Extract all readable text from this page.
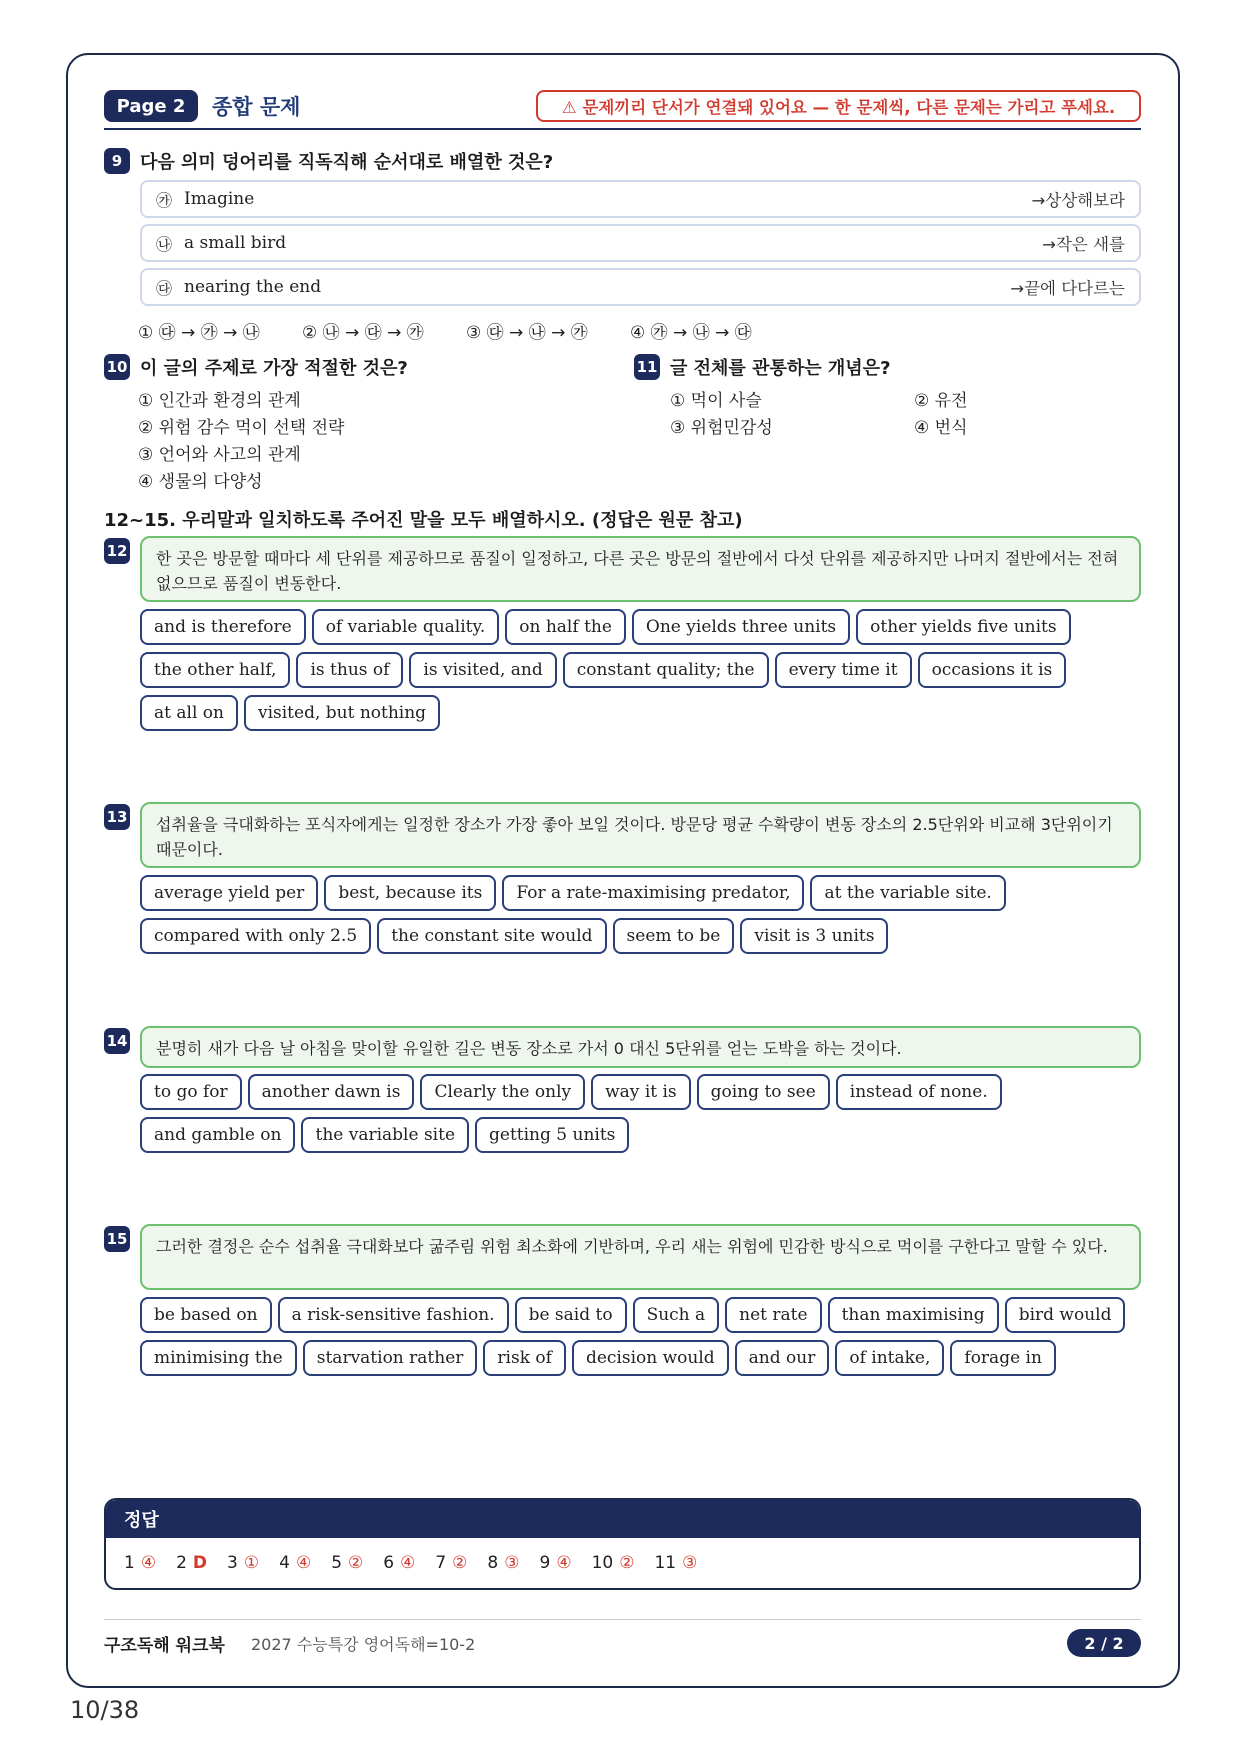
Page 2	종합 문제	⚠ 문제끼리 단서가 연결돼 있어요 — 한 문제씩, 다른 문제는 가리고 푸세요.
9 다음 의미 덩어리를 직독직해 순서대로 배열한 것은?
㉮ Imagine	→상상해보라
㉯ a small bird	→작은 새를
㉰ nearing the end	→끝에 다다르는
① ㉰ → ㉮ → ㉯ ② ㉯ → ㉰ → ㉮ ③ ㉰ → ㉯ → ㉮ ④ ㉮ → ㉯ → ㉰
10 이 글의 주제로 가장 적절한 것은?
① 인간과 환경의 관계
② 위험 감수 먹이 선택 전략
③ 언어와 사고의 관계
④ 생물의 다양성
11 글 전체를 관통하는 개념은?
① 먹이 사슬	② 유전
③ 위험민감성	④ 번식
12~15. 우리말과 일치하도록 주어진 말을 모두 배열하시오. (정답은 원문 참고)
12	한 곳은 방문할 때마다 세 단위를 제공하므로 품질이 일정하고, 다른 곳은 방문의 절반에서 다섯 단위를 제공하지만 나머지 절반에서는 전혀 없으므로 품질이 변동한다.
and is therefore	of variable quality.	on half the	One yields three units	other yields five units
the other half,	is thus of	is visited, and	constant quality; the	every time it	occasions it is
at all on	visited, but nothing
13	섭취율을 극대화하는 포식자에게는 일정한 장소가 가장 좋아 보일 것이다. 방문당 평균 수확량이 변동 장소의 2.5단위와 비교해 3단위이기 때문이다.
average yield per	best, because its	For a rate-maximising predator,	at the variable site.
compared with only 2.5	the constant site would	seem to be	visit is 3 units
14	분명히 새가 다음 날 아침을 맞이할 유일한 길은 변동 장소로 가서 0 대신 5단위를 얻는 도박을 하는 것이다.
to go for	another dawn is	Clearly the only	way it is	going to see	instead of none.
and gamble on	the variable site	getting 5 units
15	그러한 결정은 순수 섭취율 극대화보다 굶주림 위험 최소화에 기반하며, 우리 새는 위험에 민감한 방식으로 먹이를 구한다고 말할 수 있다.
be based on	a risk-sensitive fashion.	be said to	Such a	net rate	than maximising	bird would
minimising the	starvation rather	risk of	decision would	and our	of intake,	forage in
정답
1 ④ 2 D 3 ① 4 ④ 5 ② 6 ④ 7 ② 8 ③ 9 ④ 10 ② 11 ③
구조독해 워크북 2027 수능특강 영어독해=10-2	2 / 2
10/38
